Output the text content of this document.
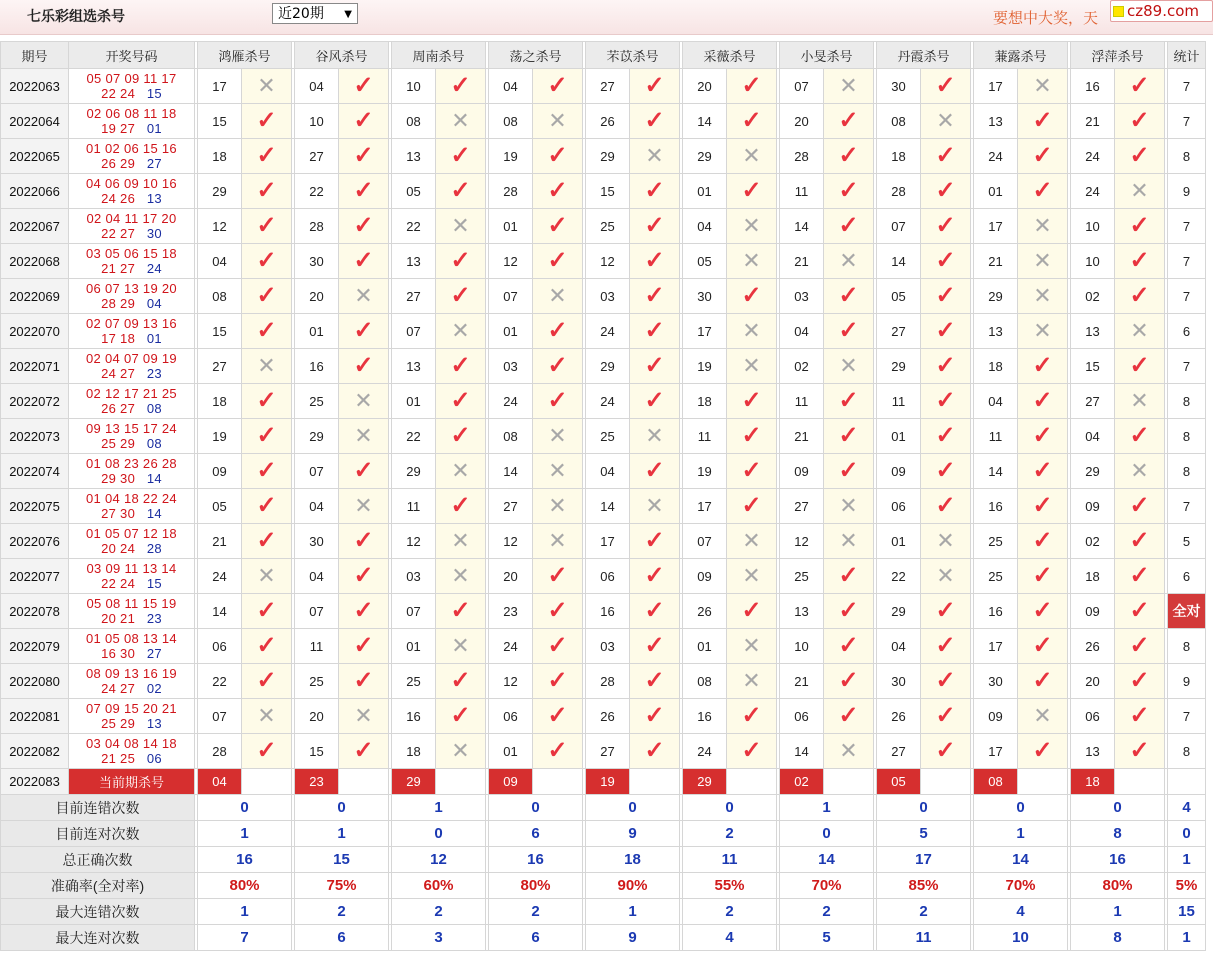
七乐彩组选杀号	近20期 ▼	要想中大奖，天	cz89.com
期号	开奖号码		鸿雁杀号			谷风杀号			周南杀号			荡之杀号			芣苡杀号			采薇杀号			小旻杀号			丹霞杀号			蒹露杀号			浮萍杀号			统计
2022063	05 07 09 11 17
22 24 15		17	✕		04	✓		10	✓		04	✓		27	✓		20	✓		07	✕		30	✓		17	✕		16	✓		7
2022064	02 06 08 11 18
19 27 01		15	✓		10	✓		08	✕		08	✕		26	✓		14	✓		20	✓		08	✕		13	✓		21	✓		7
2022065	01 02 06 15 16
26 29 27		18	✓		27	✓		13	✓		19	✓		29	✕		29	✕		28	✓		18	✓		24	✓		24	✓		8
2022066	04 06 09 10 16
24 26 13		29	✓		22	✓		05	✓		28	✓		15	✓		01	✓		11	✓		28	✓		01	✓		24	✕		9
2022067	02 04 11 17 20
22 27 30		12	✓		28	✓		22	✕		01	✓		25	✓		04	✕		14	✓		07	✓		17	✕		10	✓		7
2022068	03 05 06 15 18
21 27 24		04	✓		30	✓		13	✓		12	✓		12	✓		05	✕		21	✕		14	✓		21	✕		10	✓		7
2022069	06 07 13 19 20
28 29 04		08	✓		20	✕		27	✓		07	✕		03	✓		30	✓		03	✓		05	✓		29	✕		02	✓		7
2022070	02 07 09 13 16
17 18 01		15	✓		01	✓		07	✕		01	✓		24	✓		17	✕		04	✓		27	✓		13	✕		13	✕		6
2022071	02 04 07 09 19
24 27 23		27	✕		16	✓		13	✓		03	✓		29	✓		19	✕		02	✕		29	✓		18	✓		15	✓		7
2022072	02 12 17 21 25
26 27 08		18	✓		25	✕		01	✓		24	✓		24	✓		18	✓		11	✓		11	✓		04	✓		27	✕		8
2022073	09 13 15 17 24
25 29 08		19	✓		29	✕		22	✓		08	✕		25	✕		11	✓		21	✓		01	✓		11	✓		04	✓		8
2022074	01 08 23 26 28
29 30 14		09	✓		07	✓		29	✕		14	✕		04	✓		19	✓		09	✓		09	✓		14	✓		29	✕		8
2022075	01 04 18 22 24
27 30 14		05	✓		04	✕		11	✓		27	✕		14	✕		17	✓		27	✕		06	✓		16	✓		09	✓		7
2022076	01 05 07 12 18
20 24 28		21	✓		30	✓		12	✕		12	✕		17	✓		07	✕		12	✕		01	✕		25	✓		02	✓		5
2022077	03 09 11 13 14
22 24 15		24	✕		04	✓		03	✕		20	✓		06	✓		09	✕		25	✓		22	✕		25	✓		18	✓		6
2022078	05 08 11 15 19
20 21 23		14	✓		07	✓		07	✓		23	✓		16	✓		26	✓		13	✓		29	✓		16	✓		09	✓		全对
2022079	01 05 08 13 14
16 30 27		06	✓		11	✓		01	✕		24	✓		03	✓		01	✕		10	✓		04	✓		17	✓		26	✓		8
2022080	08 09 13 16 19
24 27 02		22	✓		25	✓		25	✓		12	✓		28	✓		08	✕		21	✓		30	✓		30	✓		20	✓		9
2022081	07 09 15 20 21
25 29 13		07	✕		20	✕		16	✓		06	✓		26	✓		16	✓		06	✓		26	✓		09	✕		06	✓		7
2022082	03 04 08 14 18
21 25 06		28	✓		15	✓		18	✕		01	✓		27	✓		24	✓		14	✕		27	✓		17	✓		13	✓		8
2022083	当前期杀号		04			23			29			09			19			29			02			05			08			18			
目前连错次数			0			0			1			0			0			0			1			0			0			0			4
目前连对次数			1			1			0			6			9			2			0			5			1			8			0
总正确次数			16			15			12			16			18			11			14			17			14			16			1
准确率(全对率)			80%			75%			60%			80%			90%			55%			70%			85%			70%			80%			5%
最大连错次数			1			2			2			2			1			2			2			2			4			1			15
最大连对次数			7			6			3			6			9			4			5			11			10			8			1
